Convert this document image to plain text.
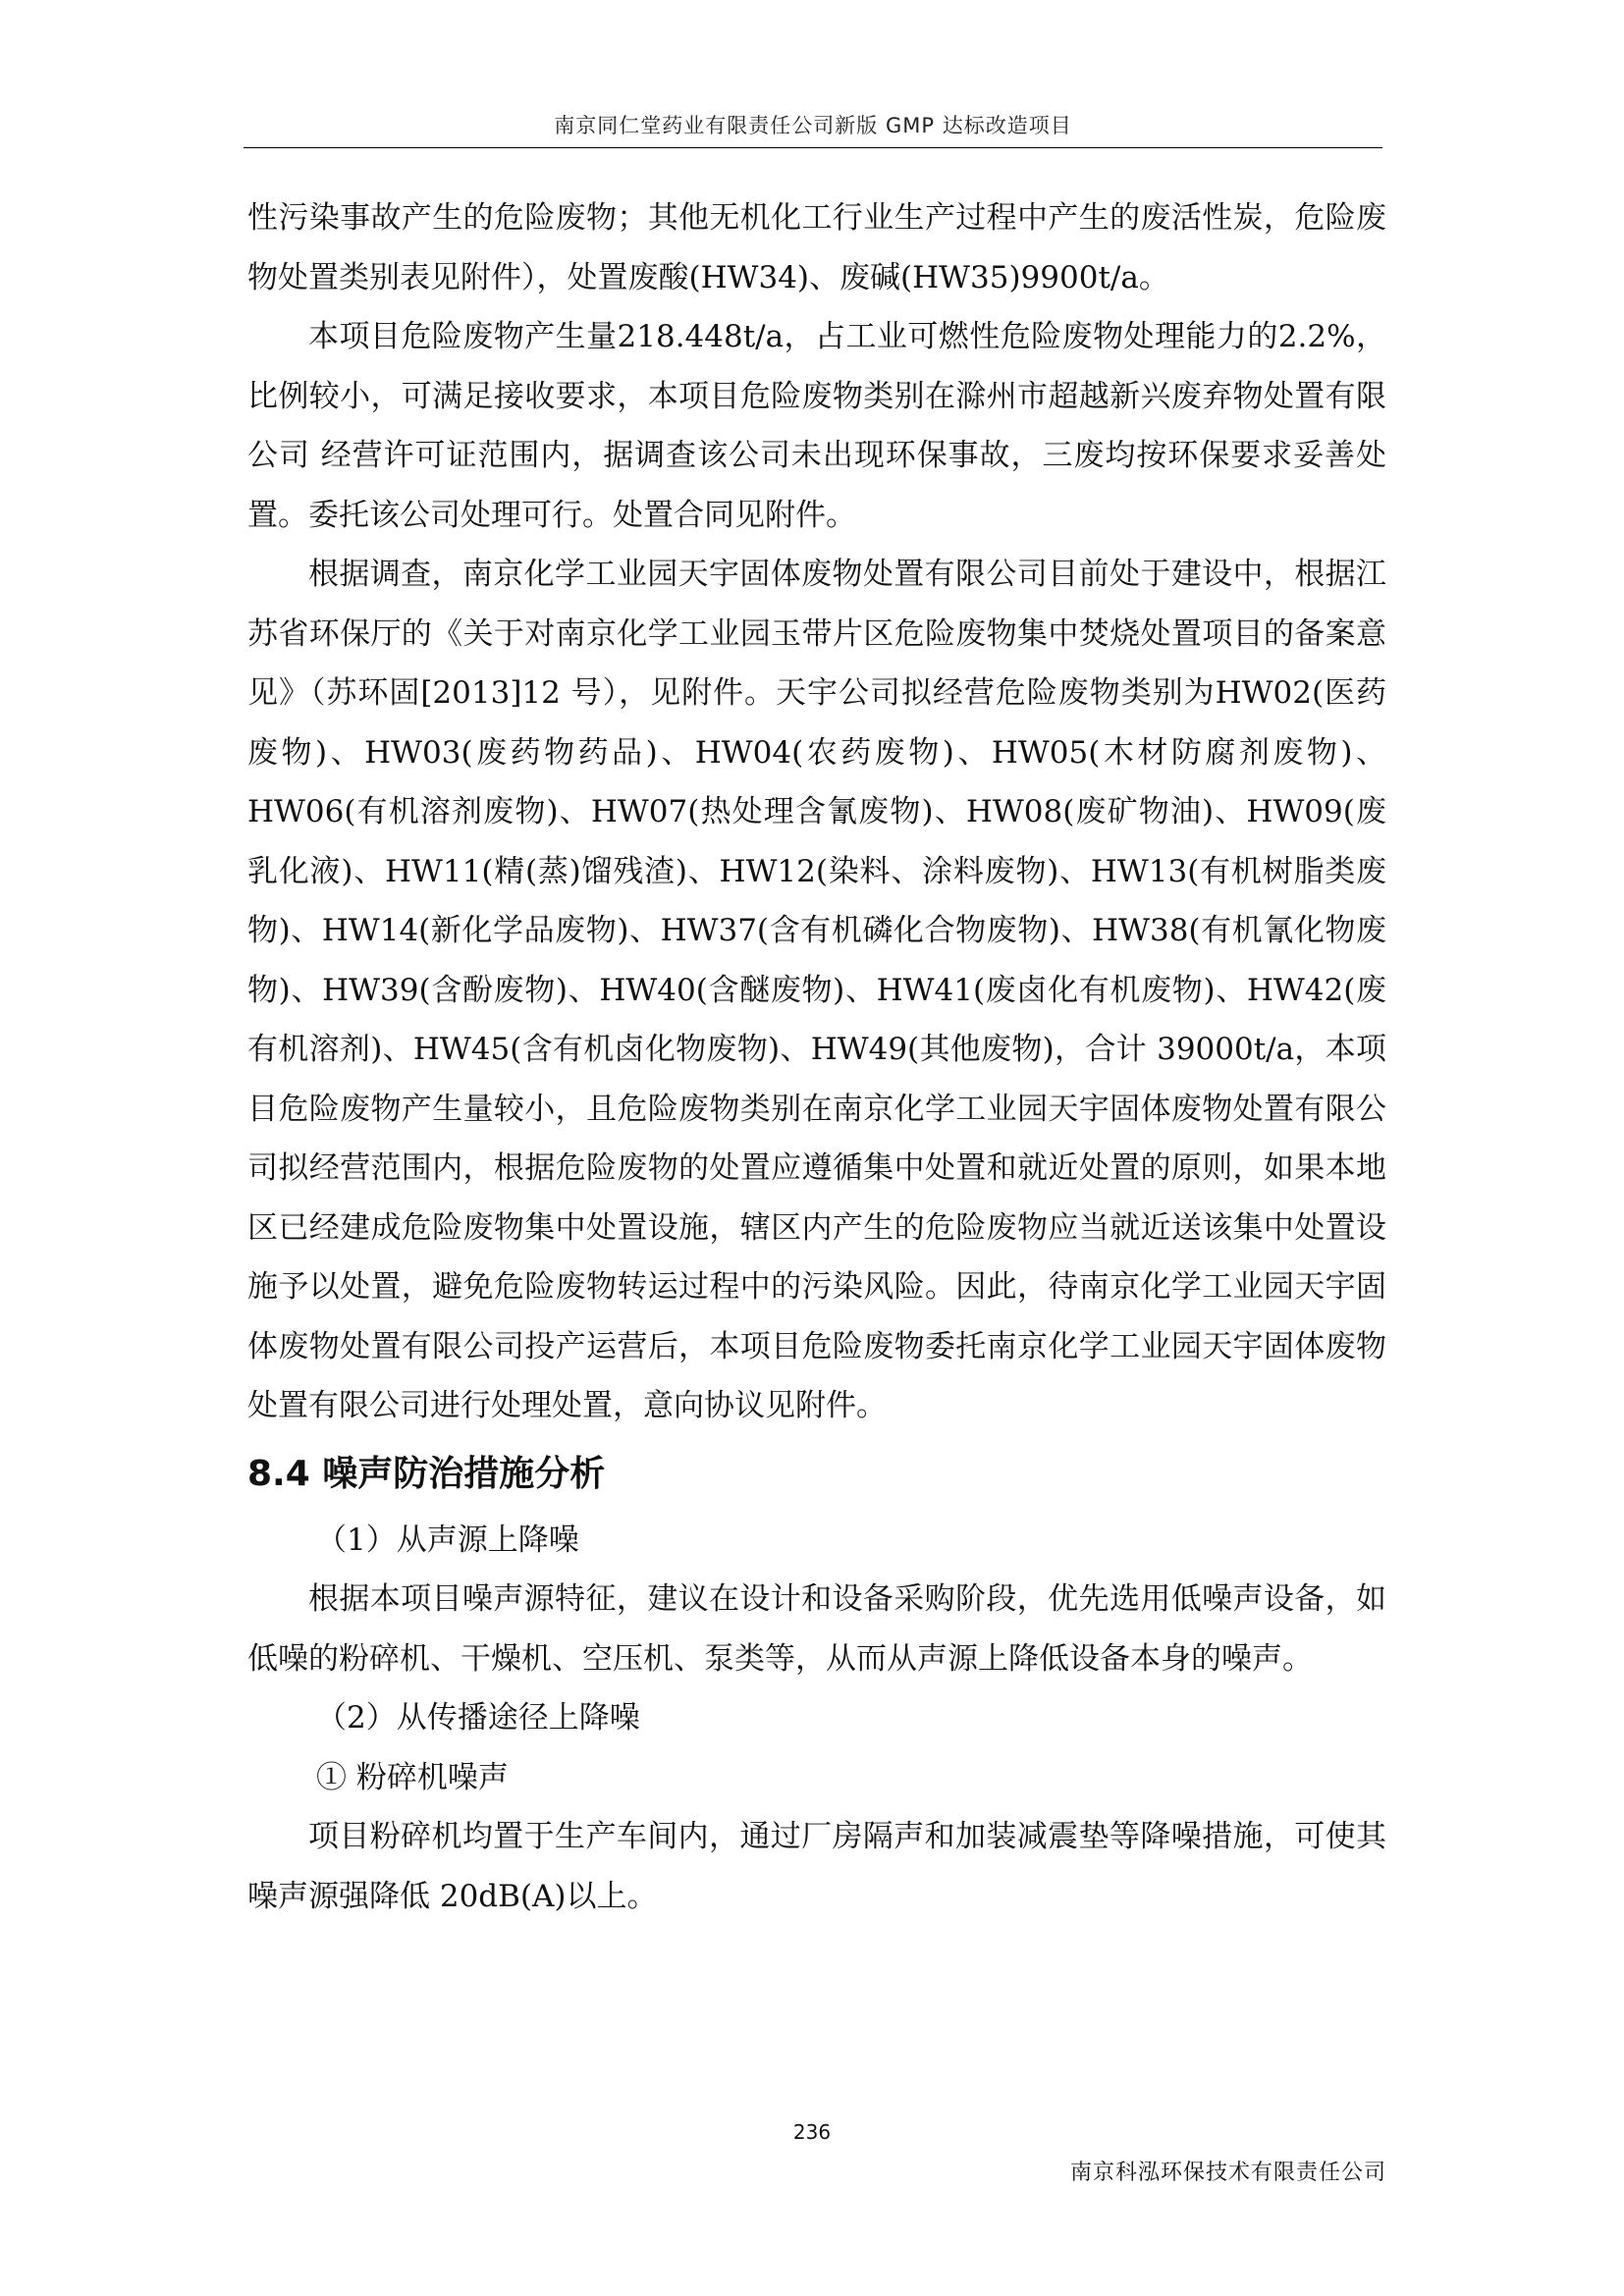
南京同仁堂药业有限责任公司新版 GMP 达标改造项目

性污染事故产生的危险废物；其他无机化工行业生产过程中产生的废活性炭，危险废物处置类别表见附件），处置废酸(HW34)、废碱(HW35)9900t/a。

本项目危险废物产生量218.448t/a，占工业可燃性危险废物处理能力的2.2%，比例较小，可满足接收要求，本项目危险废物类别在滁州市超越新兴废弃物处置有限 公司 经营许可证范围内，据调查该公司未出现环保事故，三废均按环保要求妥善处置。委托该公司处理可行。处置合同见附件。

根据调查，南京化学工业园天宇固体废物处置有限公司目前处于建设中，根据江苏省环保厅的《关于对南京化学工业园玉带片区危险废物集中焚烧处置项目的备案意见》（苏环固[2013]12 号），见附件。天宇公司拟经营危险废物类别为HW02(医药废物)、HW03(废药物药品)、HW04(农药废物)、HW05(木材防腐剂废物)、HW06(有机溶剂废物)、HW07(热处理含氰废物)、HW08(废矿物油)、HW09(废乳化液)、HW11(精(蒸)馏残渣)、HW12(染料、涂料废物)、HW13(有机树脂类废物)、HW14(新化学品废物)、HW37(含有机磷化合物废物)、HW38(有机氰化物废物)、HW39(含酚废物)、HW40(含醚废物)、HW41(废卤化有机废物)、HW42(废有机溶剂)、HW45(含有机卤化物废物)、HW49(其他废物)，合计 39000t/a，本项目危险废物产生量较小，且危险废物类别在南京化学工业园天宇固体废物处置有限公司拟经营范围内，根据危险废物的处置应遵循集中处置和就近处置的原则，如果本地区已经建成危险废物集中处置设施，辖区内产生的危险废物应当就近送该集中处置设施予以处置，避免危险废物转运过程中的污染风险。因此，待南京化学工业园天宇固体废物处置有限公司投产运营后，本项目危险废物委托南京化学工业园天宇固体废物处置有限公司进行处理处置，意向协议见附件。

8.4 噪声防治措施分析

（1）从声源上降噪

根据本项目噪声源特征，建议在设计和设备采购阶段，优先选用低噪声设备，如低噪的粉碎机、干燥机、空压机、泵类等，从而从声源上降低设备本身的噪声。

（2）从传播途径上降噪

① 粉碎机噪声

项目粉碎机均置于生产车间内，通过厂房隔声和加装减震垫等降噪措施，可使其噪声源强降低 20dB(A)以上。

236
南京科泓环保技术有限责任公司
